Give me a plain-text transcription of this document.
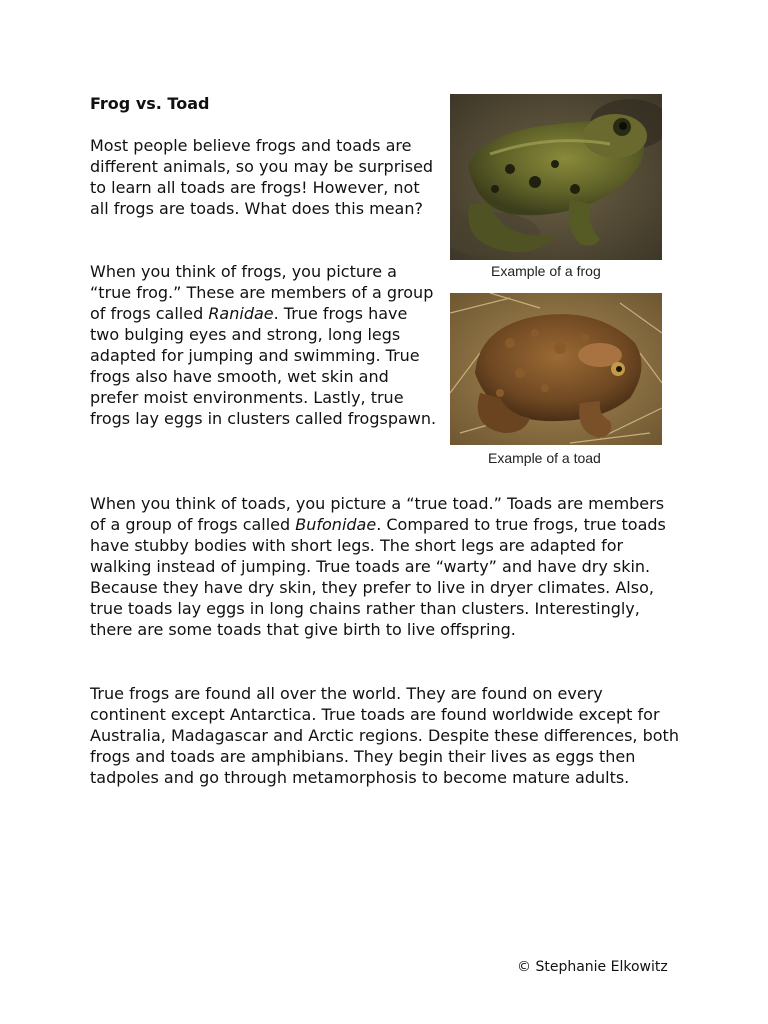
Frog vs. Toad

Most people believe frogs and toads are different animals, so you may be surprised to learn all toads are frogs! However, not all frogs are toads. What does this mean?

When you think of frogs, you picture a “true frog.” These are members of a group of frogs called Ranidae. True frogs have two bulging eyes and strong, long legs adapted for jumping and swimming. True frogs also have smooth, wet skin and prefer moist environments. Lastly, true frogs lay eggs in clusters called frogspawn.

Example of a frog
Example of a toad

When you think of toads, you picture a “true toad.” Toads are members of a group of frogs called Bufonidae. Compared to true frogs, true toads have stubby bodies with short legs. The short legs are adapted for walking instead of jumping. True toads are “warty” and have dry skin. Because they have dry skin, they prefer to live in dryer climates. Also, true toads lay eggs in long chains rather than clusters. Interestingly, there are some toads that give birth to live offspring.

True frogs are found all over the world. They are found on every continent except Antarctica. True toads are found worldwide except for Australia, Madagascar and Arctic regions. Despite these differences, both frogs and toads are amphibians. They begin their lives as eggs then tadpoles and go through metamorphosis to become mature adults.

© Stephanie Elkowitz
